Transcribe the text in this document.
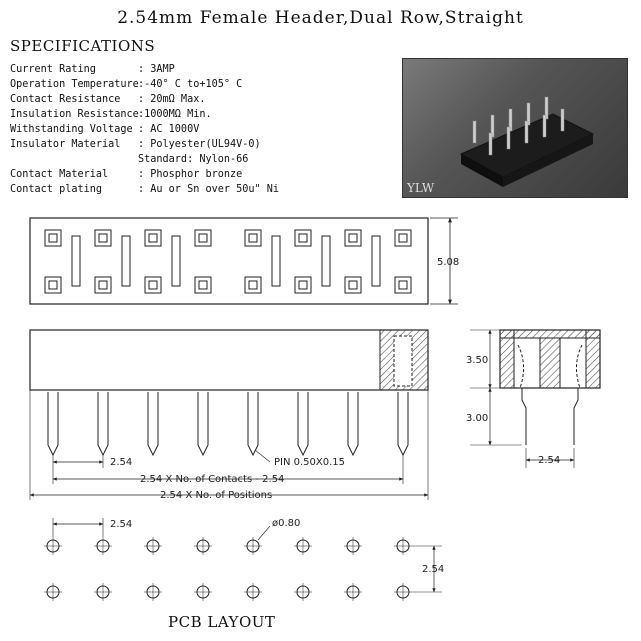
2.54mm Female Header,Dual Row,Straight
SPECIFICATIONS
Current Rating	: 3AMP
Operation Temperature :-40° C to+105° C
Contact Resistance	: 20mΩ Max.
Insulation Resistance :1000MΩ Min.
Withstanding Voltage : AC 1000V
Insulator Material	: Polyester(UL94V-0)
Standard: Nylon-66
Contact Material	: Phosphor bronze
Contact plating	: Au or Sn over 50u" Ni	YLW
5.08
2.54	PIN 0.50X0.15
2.54 X No. of Contacts - 2.54
2.54 X No. of Positions
3.50
3.00
2.54
2.54	ø0.80
2.54
PCB LAYOUT
